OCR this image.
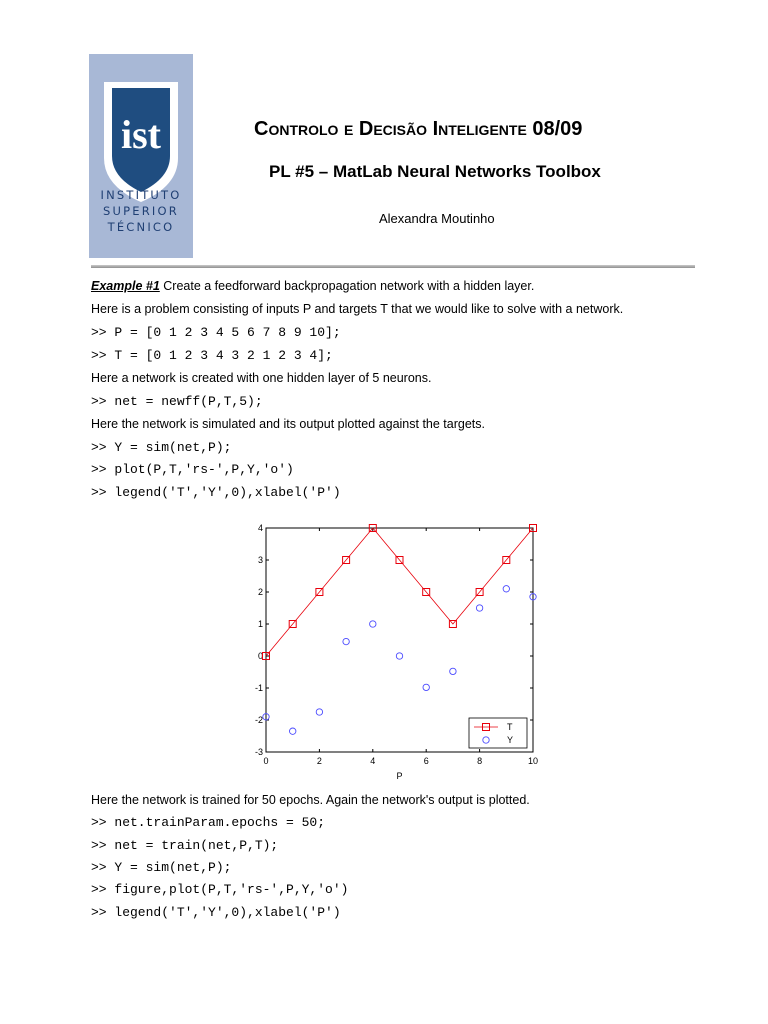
ist
INSTITUTO
SUPERIOR
TÉCNICO
Controlo e Decisão Inteligente 08/09
PL #5 – MatLab Neural Networks Toolbox
Alexandra Moutinho
Example #1 Create a feedforward backpropagation network with a hidden layer.
Here is a problem consisting of inputs P and targets T that we would like to solve with a network.
>> P = [0 1 2 3 4 5 6 7 8 9 10];
>> T = [0 1 2 3 4 3 2 1 2 3 4];
Here a network is created with one hidden layer of 5 neurons.
>> net = newff(P,T,5);
Here the network is simulated and its output plotted against the targets.
>> Y = sim(net,P);
>> plot(P,T,'rs-',P,Y,'o')
>> legend('T','Y',0),xlabel('P')
0	2	4	6	8	10
-3
-2
-1
0
1
2
3
4
P
T
Y
Here the network is trained for 50 epochs. Again the network's output is plotted.
>> net.trainParam.epochs = 50;
>> net = train(net,P,T);
>> Y = sim(net,P);
>> figure,plot(P,T,'rs-',P,Y,'o')
>> legend('T','Y',0),xlabel('P')
